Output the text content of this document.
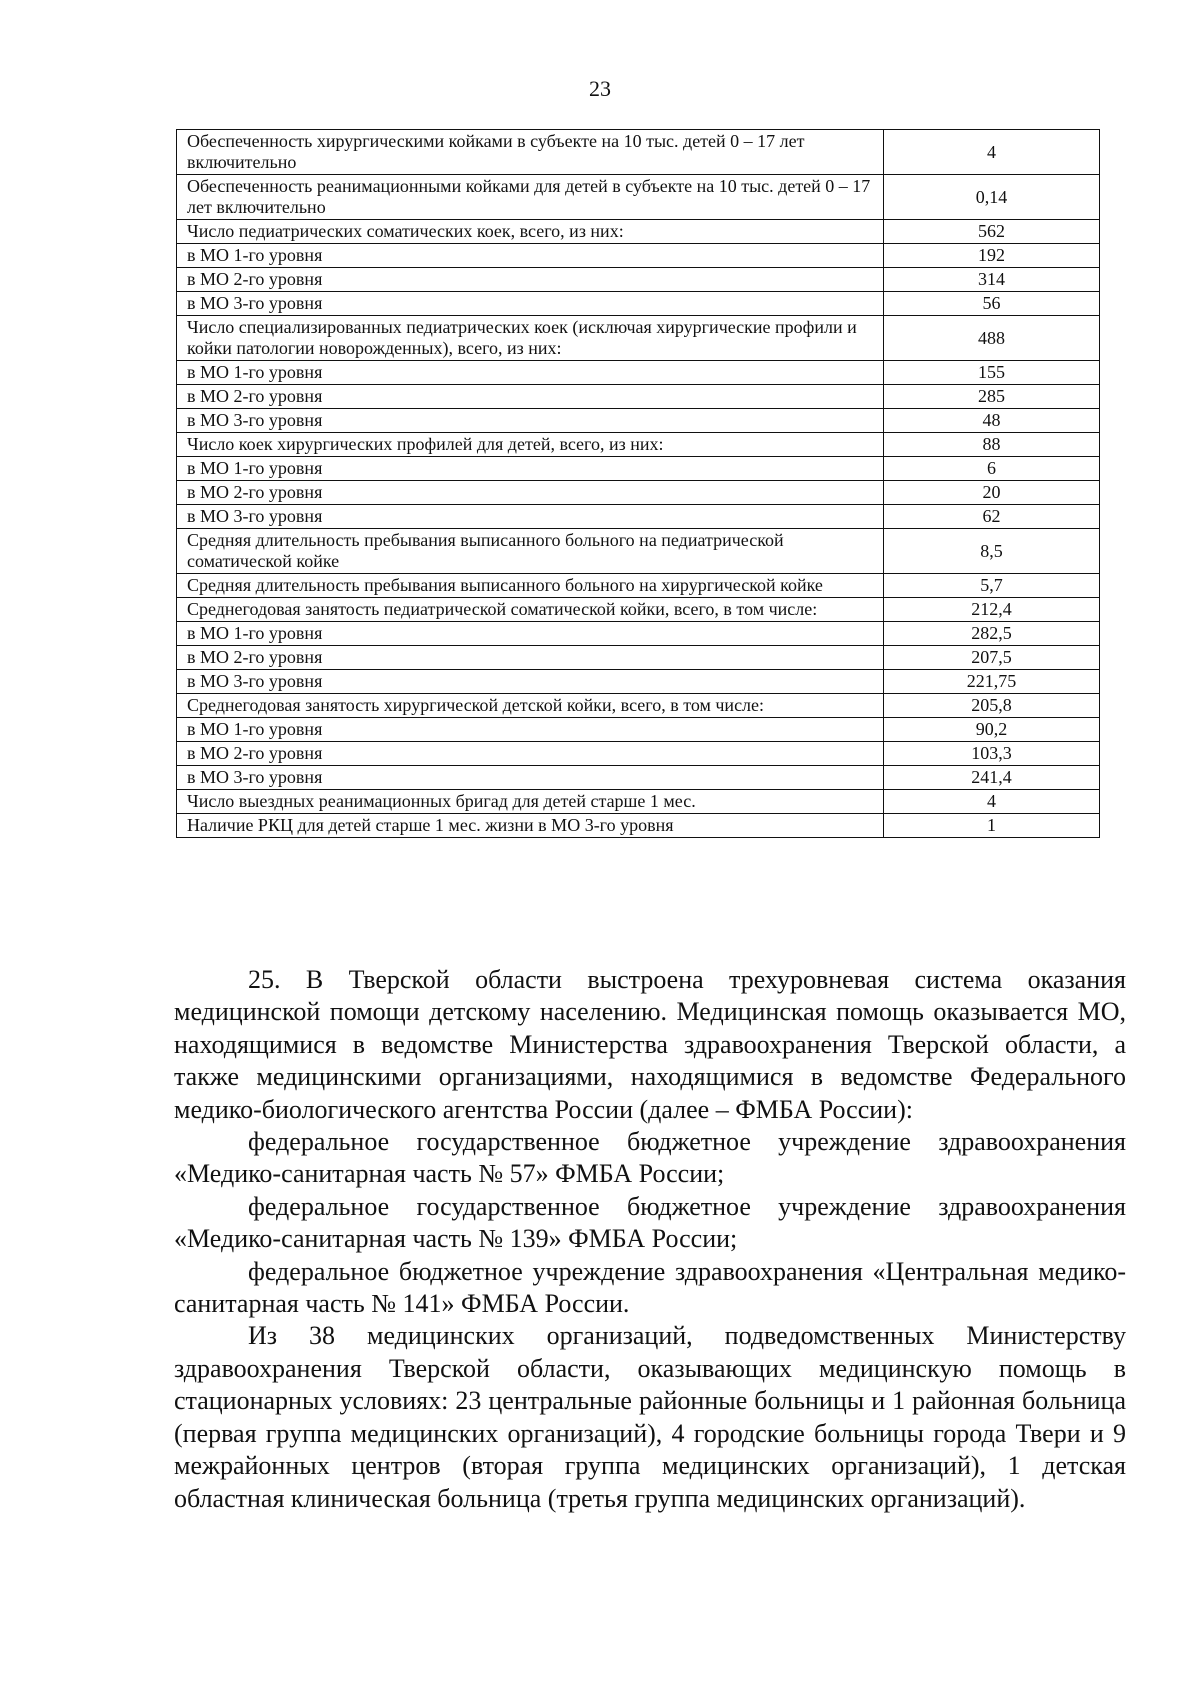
23
Обеспеченность хирургическими койками в субъекте на 10 тыс. детей 0 – 17 лет включительно	4
Обеспеченность реанимационными койками для детей в субъекте на 10 тыс. детей 0 – 17 лет включительно	0,14
Число педиатрических соматических коек, всего, из них:	562
в МО 1-го уровня	192
в МО 2-го уровня	314
в МО 3-го уровня	56
Число специализированных педиатрических коек (исключая хирургические профили и койки патологии новорожденных), всего, из них:	488
в МО 1-го уровня	155
в МО 2-го уровня	285
в МО 3-го уровня	48
Число коек хирургических профилей для детей, всего, из них:	88
в МО 1-го уровня	6
в МО 2-го уровня	20
в МО 3-го уровня	62
Средняя длительность пребывания выписанного больного на педиатрической соматической койке	8,5
Средняя длительность пребывания выписанного больного на хирургической койке	5,7
Среднегодовая занятость педиатрической соматической койки, всего, в том числе:	212,4
в МО 1-го уровня	282,5
в МО 2-го уровня	207,5
в МО 3-го уровня	221,75
Среднегодовая занятость хирургической детской койки, всего, в том числе:	205,8
в МО 1-го уровня	90,2
в МО 2-го уровня	103,3
в МО 3-го уровня	241,4
Число выездных реанимационных бригад для детей старше 1 мес.	4
Наличие РКЦ для детей старше 1 мес. жизни в МО 3-го уровня	1

25. В Тверской области выстроена трехуровневая система оказания медицинской помощи детскому населению. Медицинская помощь оказывается МО, находящимися в ведомстве Министерства здравоохранения Тверской области, а также медицинскими организациями, находящимися в ведомстве Федерального медико-биологического агентства России (далее – ФМБА России):

федеральное государственное бюджетное учреждение здравоохранения «Медико-санитарная часть № 57» ФМБА России;

федеральное государственное бюджетное учреждение здравоохранения «Медико-санитарная часть № 139» ФМБА России;

федеральное бюджетное учреждение здравоохранения «Центральная медико-санитарная часть № 141» ФМБА России.

Из 38 медицинских организаций, подведомственных Министерству здравоохранения Тверской области, оказывающих медицинскую помощь в стационарных условиях: 23 центральные районные больницы и 1 районная больница (первая группа медицинских организаций), 4 городские больницы города Твери и 9 межрайонных центров (вторая группа медицинских организаций), 1 детская областная клиническая больница (третья группа медицинских организаций).
